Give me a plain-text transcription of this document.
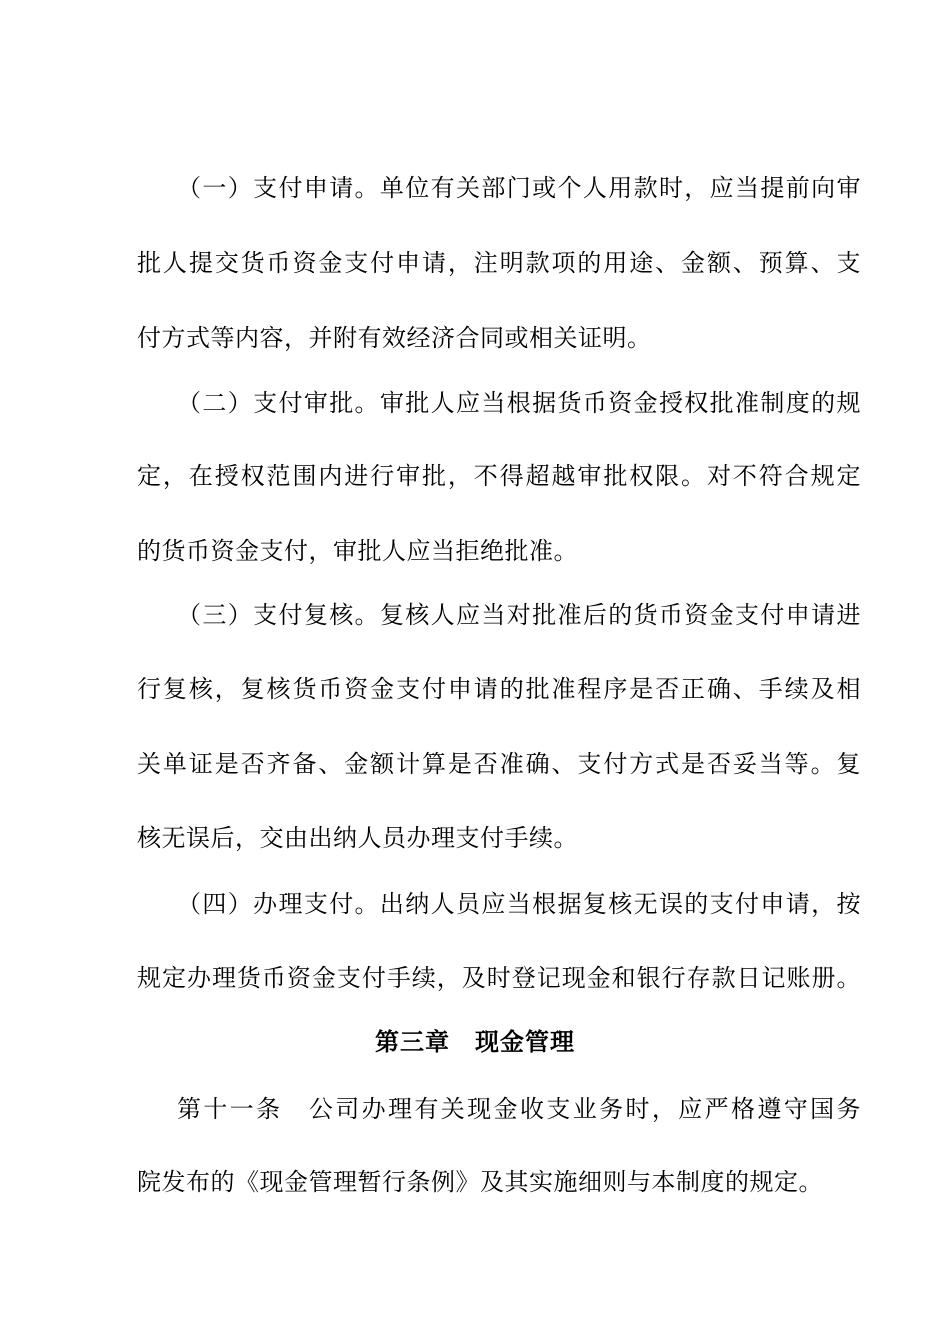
（一）支付申请。单位有关部门或个人用款时，应当提前向审
批人提交货币资金支付申请，注明款项的用途、金额、预算、支
付方式等内容，并附有效经济合同或相关证明。
（二）支付审批。审批人应当根据货币资金授权批准制度的规
定，在授权范围内进行审批，不得超越审批权限。对不符合规定
的货币资金支付，审批人应当拒绝批准。
（三）支付复核。复核人应当对批准后的货币资金支付申请进
行复核，复核货币资金支付申请的批准程序是否正确、手续及相
关单证是否齐备、金额计算是否准确、支付方式是否妥当等。复
核无误后，交由出纳人员办理支付手续。
（四）办理支付。出纳人员应当根据复核无误的支付申请，按
规定办理货币资金支付手续，及时登记现金和银行存款日记账册。
第三章　现金管理
第十一条　公司办理有关现金收支业务时，应严格遵守国务
院发布的《现金管理暂行条例》及其实施细则与本制度的规定。
